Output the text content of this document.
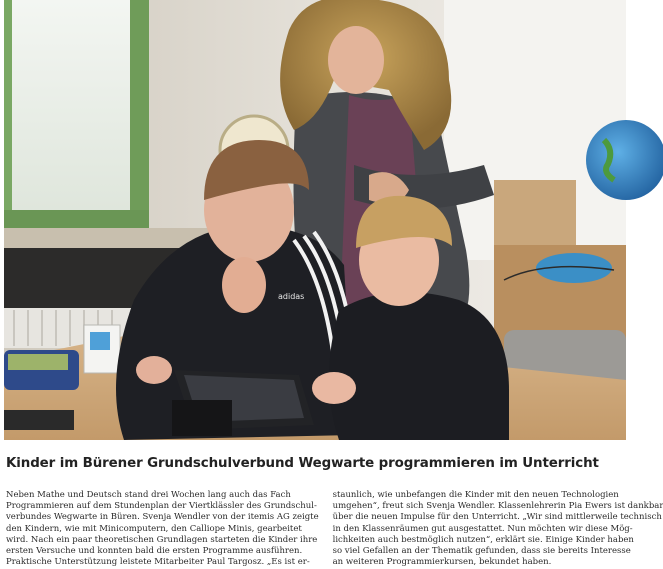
adidas
Kinder im Bürener Grundschulverbund Wegwarte programmieren im Unterricht

Neben Mathe und Deutsch stand drei Wochen lang auch das Fach
Programmieren auf dem Stundenplan der Viertklässler des Grundschul-
verbundes Wegwarte in Büren. Svenja Wendler von der itemis AG zeigte
den Kindern, wie mit Minicomputern, den Calliope Minis, gearbeitet
wird. Nach ein paar theoretischen Grundlagen starteten die Kinder ihre
ersten Versuche und konnten bald die ersten Programme ausführen.
Praktische Unterstützung leistete Mitarbeiter Paul Targosz. „Es ist er-

staunlich, wie unbefangen die Kinder mit den neuen Technologien
umgehen“, freut sich Svenja Wendler. Klassenlehrerin Pia Ewers ist dankbar
über die neuen Impulse für den Unterricht. „Wir sind mittlerweile technisch
in den Klassenräumen gut ausgestattet. Nun möchten wir diese Mög-
lichkeiten auch bestmöglich nutzen“, erklärt sie. Einige Kinder haben
so viel Gefallen an der Thematik gefunden, dass sie bereits Interesse
an weiteren Programmierkursen, bekundet haben.
